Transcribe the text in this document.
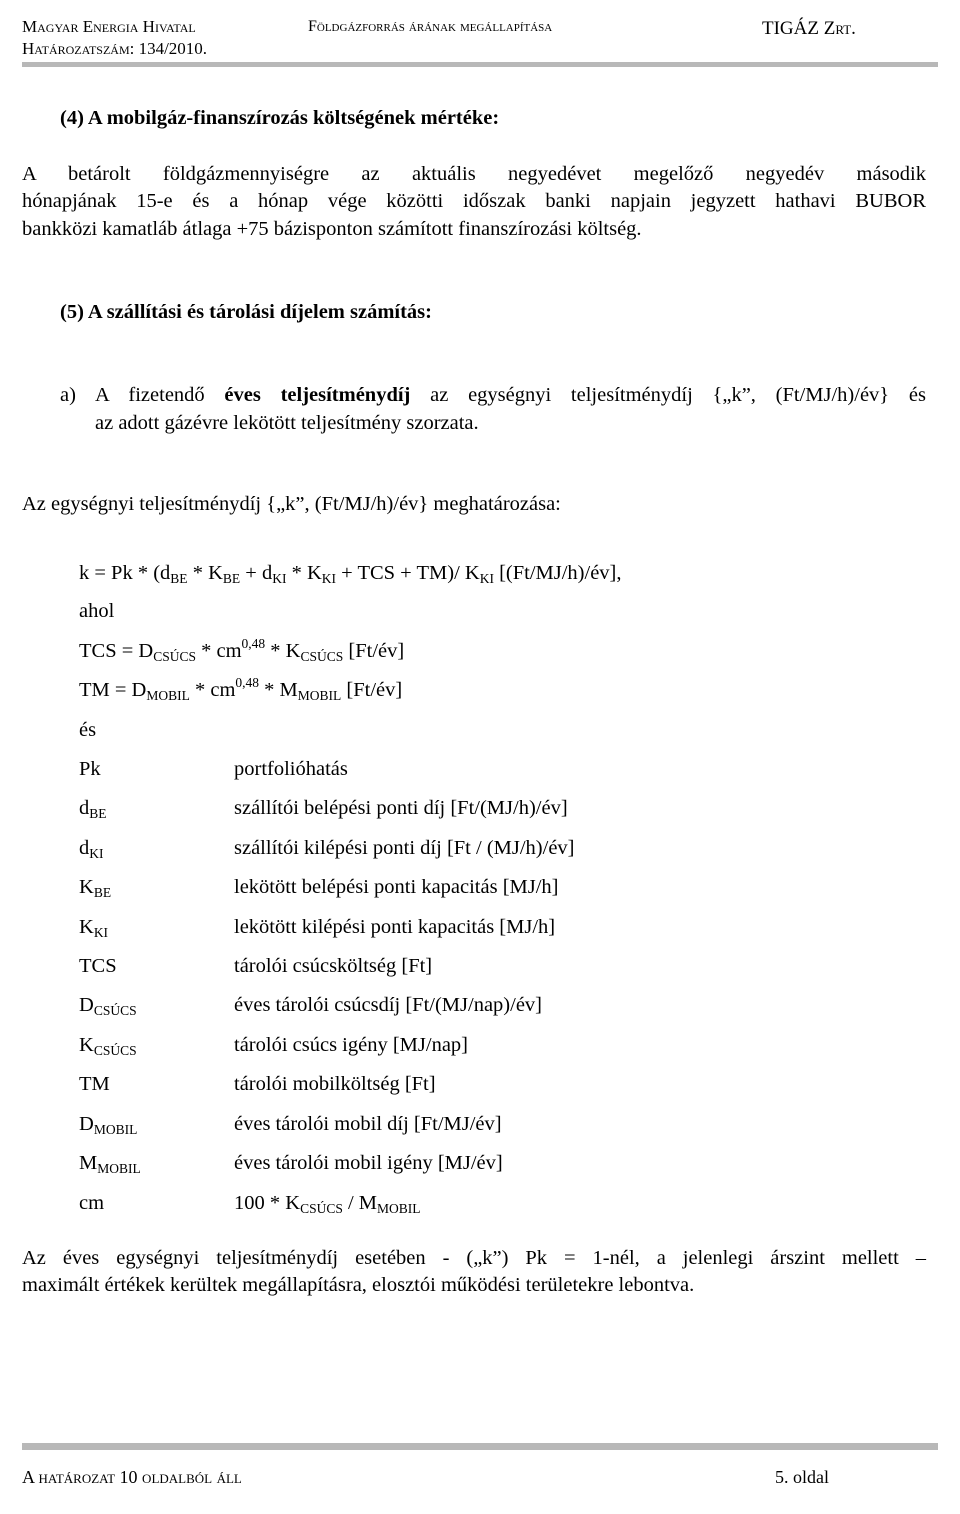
Magyar Energia Hivatal	Földgázforrás árának megállapítása	TIGÁZ Zrt.
Határozatszám: 134/2010.
(4) A mobilgáz-finanszírozás költségének mértéke:
A betárolt földgázmennyiségre az aktuális negyedévet megelőző negyedév második
hónapjának 15-e és a hónap vége közötti időszak banki napjain jegyzett hathavi BUBOR
bankközi kamatláb átlaga +75 bázisponton számított finanszírozási költség.
(5) A szállítási és tárolási díjelem számítás:
a) A fizetendő éves teljesítménydíj az egységnyi teljesítménydíj {„k”, (Ft/MJ/h)/év} és
az adott gázévre lekötött teljesítmény szorzata.
Az egységnyi teljesítménydíj {„k”, (Ft/MJ/h)/év} meghatározása:
$k = Pk * (d_{BE} * K_{BE} + d_{KI} * K_{KI}$ + TCS + TM)/ $K_{KI}$ [(Ft/MJ/h)/év],
ahol
TCS = $D_{CSÚCS} * cm^{0,48} * K_{CSÚCS}$ [Ft/év]
TM = $D_{MOBIL} * cm^{0,48} * M_{MOBIL}$ [Ft/év]
és
Pk	portfolióhatás
$d_{BE}$	szállítói belépési ponti díj [Ft/(MJ/h)/év]
$d_{KI}$	szállítói kilépési ponti díj [Ft / (MJ/h)/év]
$K_{BE}$	lekötött belépési ponti kapacitás [MJ/h]
$K_{KI}$	lekötött kilépési ponti kapacitás [MJ/h]
TCS	tárolói csúcsköltség [Ft]
$D_{CSÚCS}$	éves tárolói csúcsdíj [Ft/(MJ/nap)/év]
$K_{CSÚCS}$	tárolói csúcs igény [MJ/nap]
TM	tárolói mobilköltség [Ft]
$D_{MOBIL}$	éves tárolói mobil díj [Ft/MJ/év]
$M_{MOBIL}$	éves tárolói mobil igény [MJ/év]
cm	$100 * K_{CSÚCS} / M_{MOBIL}$
Az éves egységnyi teljesítménydíj esetében - („k”) Pk = 1-nél, a jelenlegi árszint mellett –
maximált értékek kerültek megállapításra, elosztói működési területekre lebontva.
A határozat 10 oldalból áll	5. oldal
